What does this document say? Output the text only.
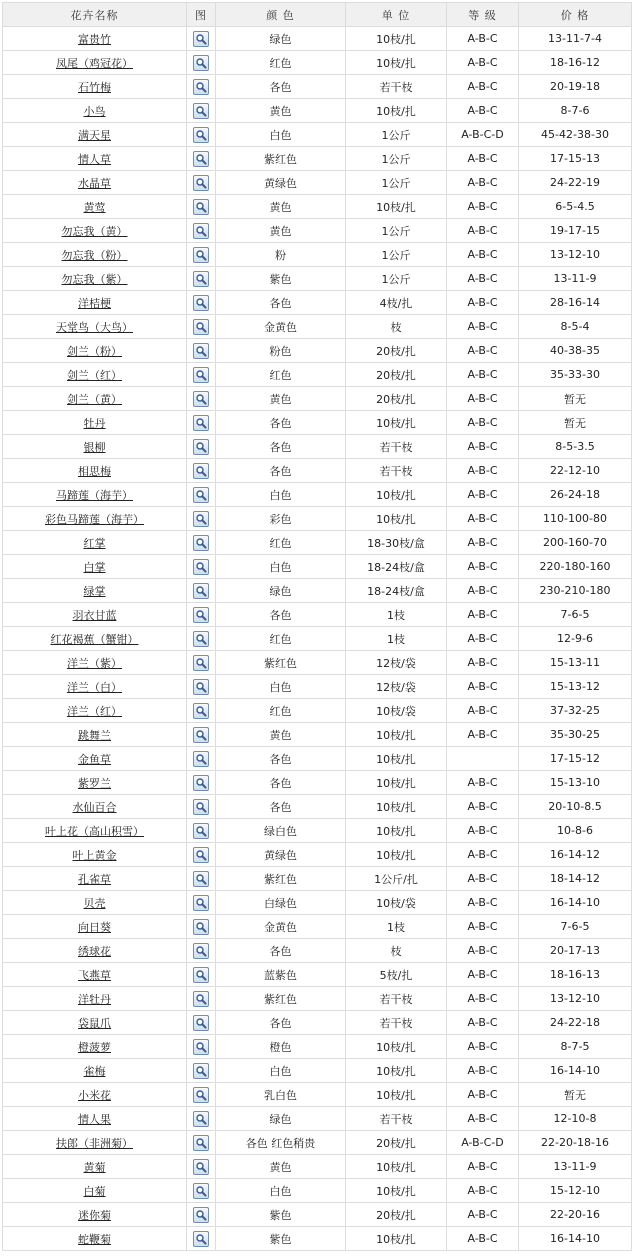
花卉名称	图	颜 色	单 位	等 级	价 格
富贵竹		绿色	10枝/扎	A-B-C	13-11-7-4
凤尾（鸡冠花）		红色	10枝/扎	A-B-C	18-16-12
石竹梅		各色	若干枝	A-B-C	20-19-18
小鸟		黄色	10枝/扎	A-B-C	8-7-6
满天星		白色	1公斤	A-B-C-D	45-42-38-30
情人草		紫红色	1公斤	A-B-C	17-15-13
水晶草		黄绿色	1公斤	A-B-C	24-22-19
黄莺		黄色	10枝/扎	A-B-C	6-5-4.5
勿忘我（黄）		黄色	1公斤	A-B-C	19-17-15
勿忘我（粉）		粉	1公斤	A-B-C	13-12-10
勿忘我（紫）		紫色	1公斤	A-B-C	13-11-9
洋桔梗		各色	4枝/扎	A-B-C	28-16-14
天堂鸟（大鸟）		金黄色	枝	A-B-C	8-5-4
剑兰（粉）		粉色	20枝/扎	A-B-C	40-38-35
剑兰（红）		红色	20枝/扎	A-B-C	35-33-30
剑兰（黄）		黄色	20枝/扎	A-B-C	暂无
牡丹		各色	10枝/扎	A-B-C	暂无
银柳		各色	若干枝	A-B-C	8-5-3.5
相思梅		各色	若干枝	A-B-C	22-12-10
马蹄莲（海芋）		白色	10枝/扎	A-B-C	26-24-18
彩色马蹄莲（海芋）		彩色	10枝/扎	A-B-C	110-100-80
红掌		红色	18-30枝/盒	A-B-C	200-160-70
白掌		白色	18-24枝/盒	A-B-C	220-180-160
绿掌		绿色	18-24枝/盒	A-B-C	230-210-180
羽衣甘蓝		各色	1枝	A-B-C	7-6-5
红花褐蕉（蟹钳）		红色	1枝	A-B-C	12-9-6
洋兰（紫）		紫红色	12枝/袋	A-B-C	15-13-11
洋兰（白）		白色	12枝/袋	A-B-C	15-13-12
洋兰（红）		红色	10枝/袋	A-B-C	37-32-25
跳舞兰		黄色	10枝/扎	A-B-C	35-30-25
金鱼草		各色	10枝/扎		17-15-12
紫罗兰		各色	10枝/扎	A-B-C	15-13-10
水仙百合		各色	10枝/扎	A-B-C	20-10-8.5
叶上花（高山积雪）		绿白色	10枝/扎	A-B-C	10-8-6
叶上黄金		黄绿色	10枝/扎	A-B-C	16-14-12
孔雀草		紫红色	1公斤/扎	A-B-C	18-14-12
贝壳		白绿色	10枝/袋	A-B-C	16-14-10
向日葵		金黄色	1枝	A-B-C	7-6-5
绣球花		各色	枝	A-B-C	20-17-13
飞燕草		蓝紫色	5枝/扎	A-B-C	18-16-13
洋牡丹		紫红色	若干枝	A-B-C	13-12-10
袋鼠爪		各色	若干枝	A-B-C	24-22-18
橙菠萝		橙色	10枝/扎	A-B-C	8-7-5
雀梅		白色	10枝/扎	A-B-C	16-14-10
小米花		乳白色	10枝/扎	A-B-C	暂无
情人果		绿色	若干枝	A-B-C	12-10-8
扶郎（非洲菊）		各色 红色稍贵	20枝/扎	A-B-C-D	22-20-18-16
黄菊		黄色	10枝/扎	A-B-C	13-11-9
白菊		白色	10枝/扎	A-B-C	15-12-10
迷你菊		紫色	20枝/扎	A-B-C	22-20-16
蛇鞭菊		紫色	10枝/扎	A-B-C	16-14-10
